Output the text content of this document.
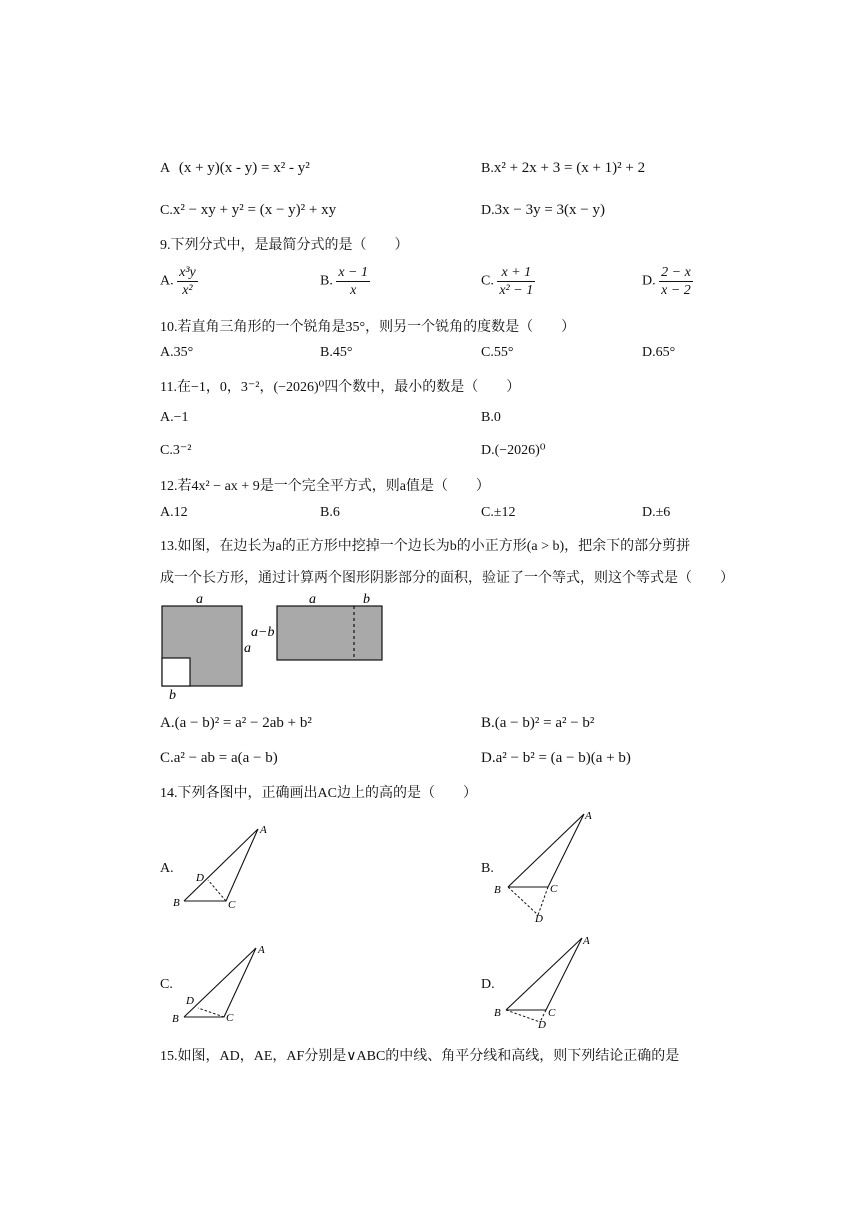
A (x + y)(x - y) = x² - y²	B.x² + 2x + 3 = (x + 1)² + 2
C.x² − xy + y² = (x − y)² + xy	D.3x − 3y = 3(x − y)
9.下列分式中，是最简分式的是（　　）
A. $\frac{\text{x³y}}{\text{x²}}$	B. $\frac{x - 1}{x}$	C. $\frac{x + 1}{\text{x² − 1}}$	D. $\frac{2 - x}{x - 2}$
10.若直角三角形的一个锐角是35°，则另一个锐角的度数是（　　）
A.35°	B.45°	C.55°	D.65°
11.在−1，0，3⁻²，(−2026)⁰四个数中，最小的数是（　　）
A.−1	B.0
C.3⁻²	D.(−2026)⁰
12.若4x² − ax + 9是一个完全平方式，则a值是（　　）
A.12	B.6	C.±12	D.±6
13.如图，在边长为a的正方形中挖掉一个边长为b的小正方形(a > b)，把余下的部分剪拼
成一个长方形，通过计算两个图形阴影部分的面积，验证了一个等式，则这个等式是（　　）
a
a
b
a−b
a	b
A.(a − b)² = a² − 2ab + b²	B.(a − b)² = a² − b²
C.a² − ab = a(a − b)	D.a² − b² = (a − b)(a + b)
14.下列各图中，正确画出AC边上的高的是（　　）
A.
A
B	C
D
B.
A
B	C
D
C.
A
B	C
D
D.
A
B	C
D
15.如图，AD，AE，AF分别是∨ABC的中线、角平分线和高线，则下列结论正确的是
